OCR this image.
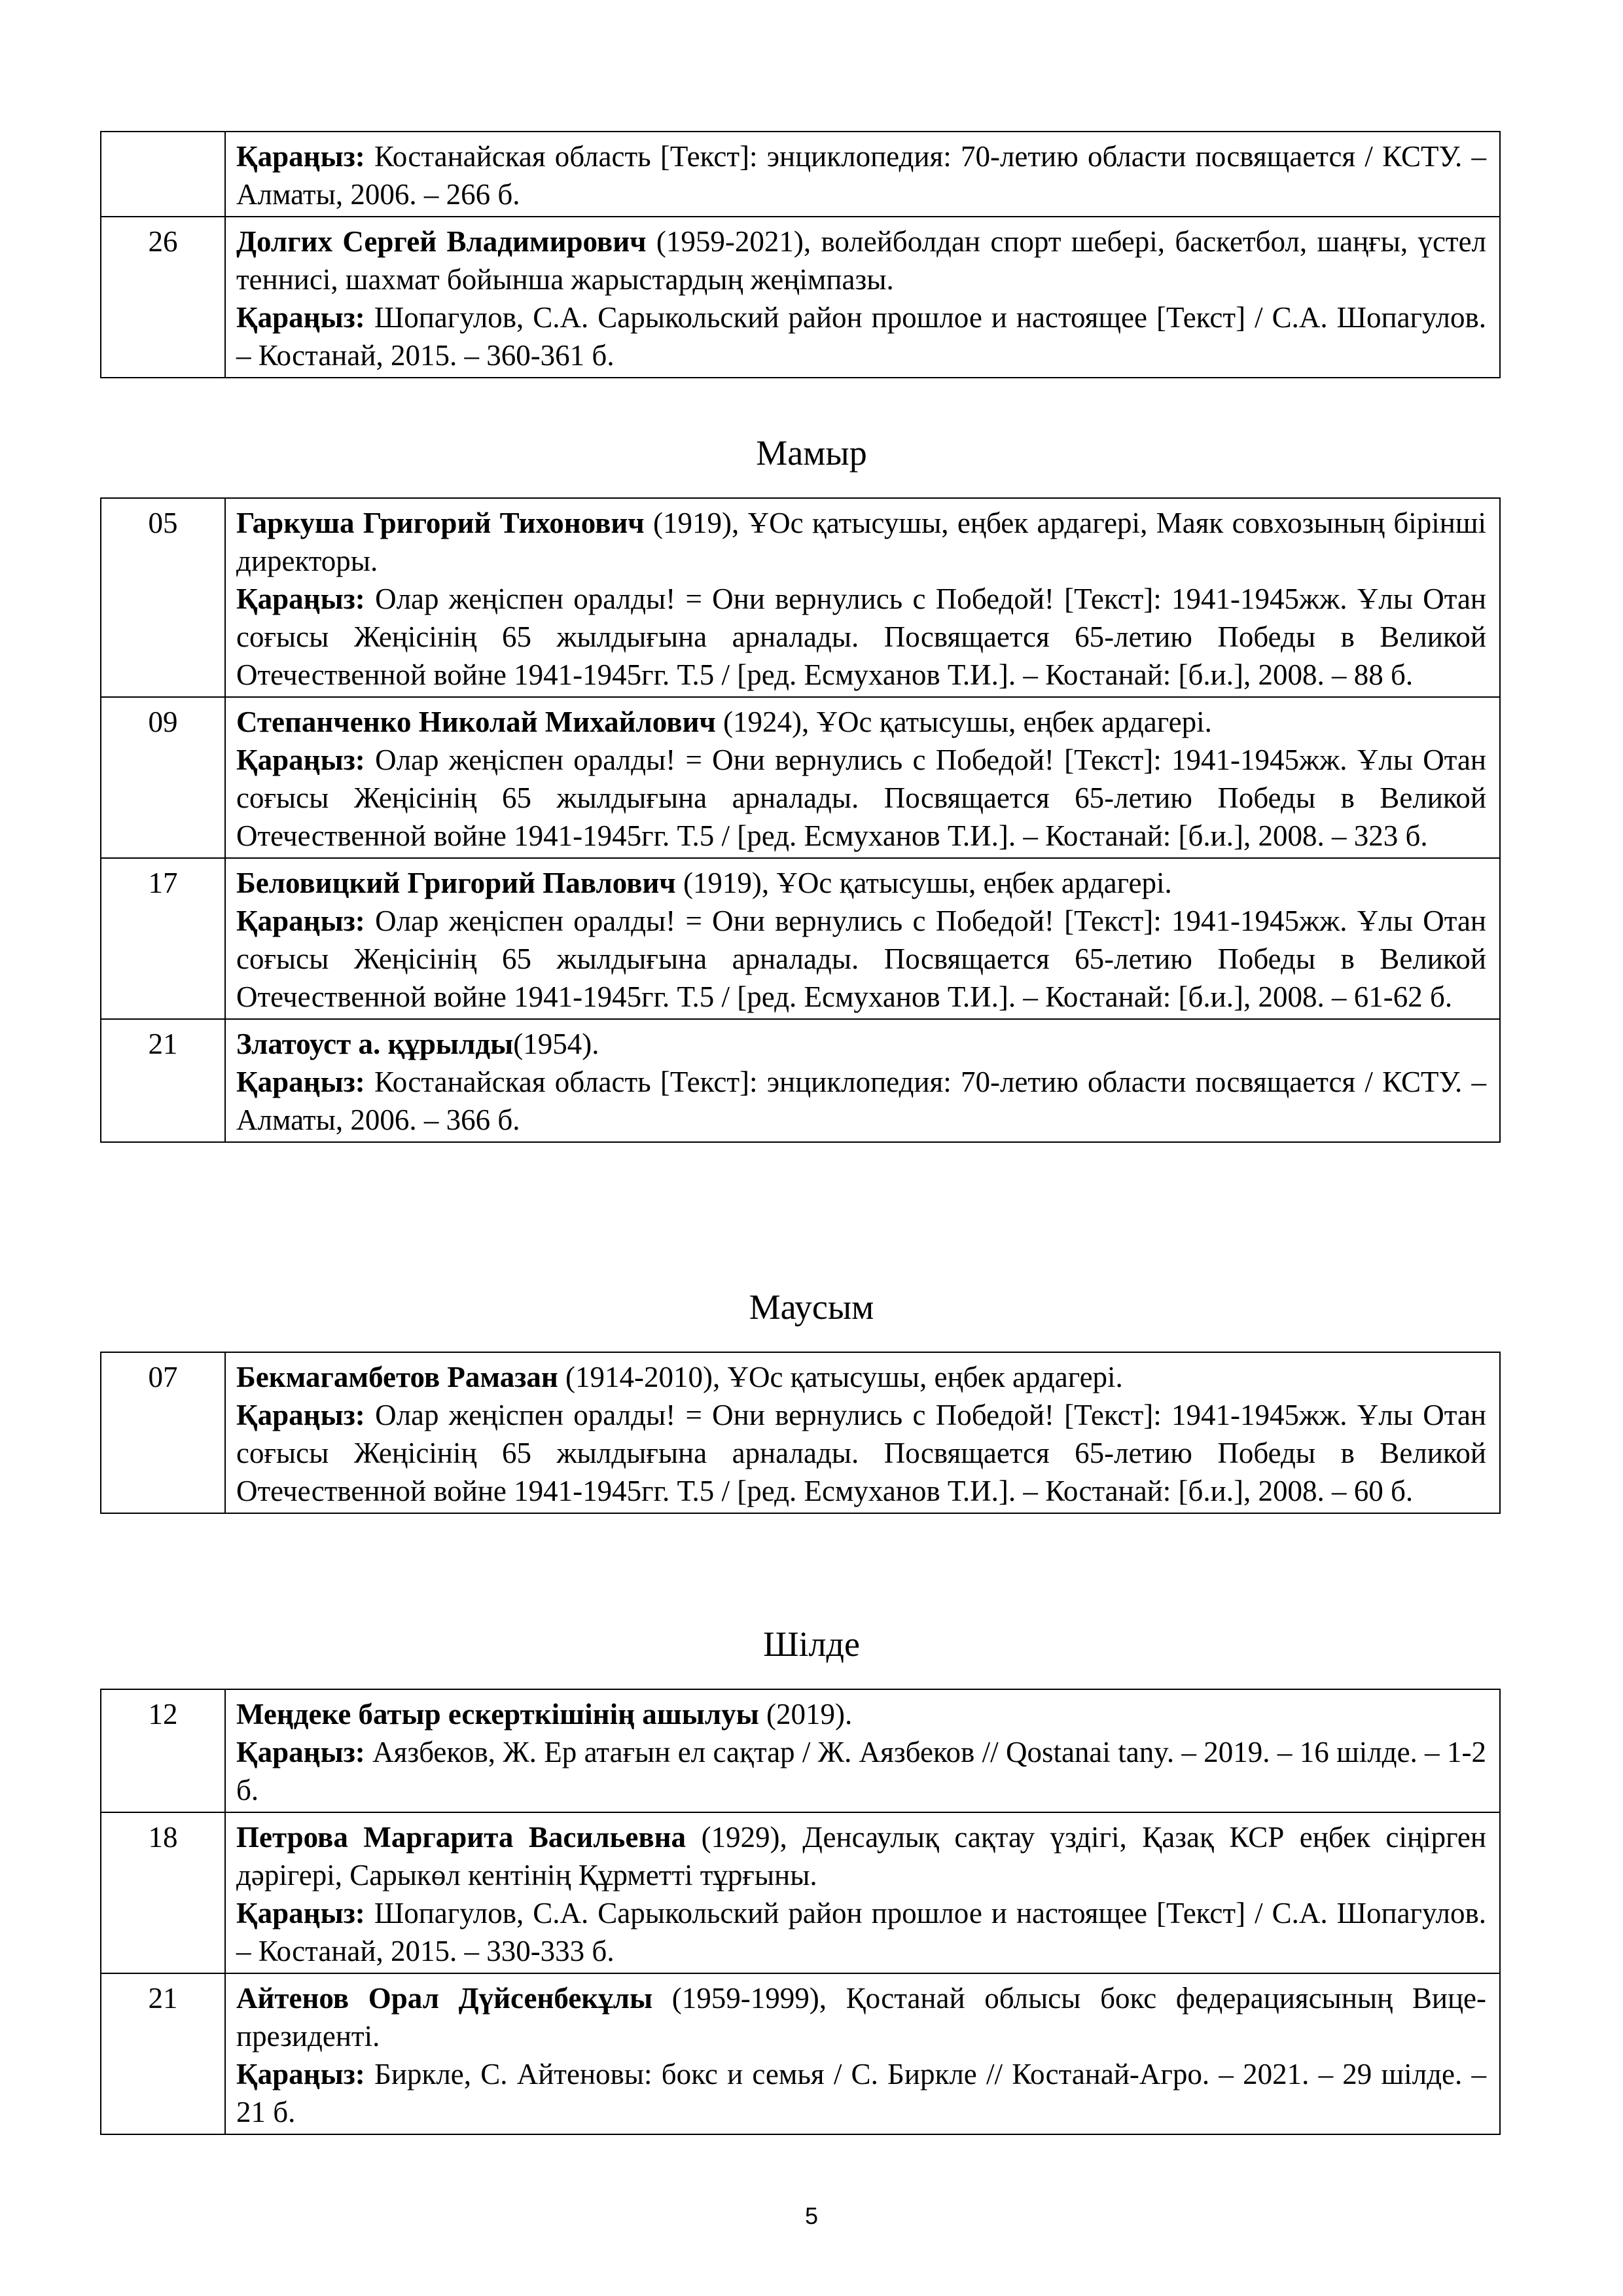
	Қараңыз: Костанайская область [Текст]: энциклопедия: 70-летию области посвящается / КСТУ. – Алматы, 2006. – 266 б.

26	Долгих Сергей Владимирович (1959-2021), волейболдан спорт шебері, баскетбол, шаңғы, үстел теннисі, шахмат бойынша жарыстардың жеңімпазы.

Қараңыз: Шопагулов, С.А. Сарыкольский район прошлое и настоящее [Текст] / С.А. Шопагулов. – Костанай, 2015. – 360-361 б.

Мамыр
05	Гаркуша Григорий Тихонович (1919), ҰОс қатысушы, еңбек ардагері, Маяк совхозының бірінші директоры.

Қараңыз: Олар жеңіспен оралды! = Они вернулись с Победой! [Текст]: 1941-1945жж. Ұлы Отан соғысы Жеңісінің 65 жылдығына арналады. Посвящается 65-летию Победы в Великой Отечественной войне 1941-1945гг. Т.5 / [ред. Есмуханов Т.И.]. – Костанай: [б.и.], 2008. – 88 б.

09	Степанченко Николай Михайлович (1924), ҰОс қатысушы, еңбек ардагері.

Қараңыз: Олар жеңіспен оралды! = Они вернулись с Победой! [Текст]: 1941-1945жж. Ұлы Отан соғысы Жеңісінің 65 жылдығына арналады. Посвящается 65-летию Победы в Великой Отечественной войне 1941-1945гг. Т.5 / [ред. Есмуханов Т.И.]. – Костанай: [б.и.], 2008. – 323 б.

17	Беловицкий Григорий Павлович (1919), ҰОс қатысушы, еңбек ардагері.

Қараңыз: Олар жеңіспен оралды! = Они вернулись с Победой! [Текст]: 1941-1945жж. Ұлы Отан соғысы Жеңісінің 65 жылдығына арналады. Посвящается 65-летию Победы в Великой Отечественной войне 1941-1945гг. Т.5 / [ред. Есмуханов Т.И.]. – Костанай: [б.и.], 2008. – 61-62 б.

21	Златоуст а. құрылды(1954).

Қараңыз: Костанайская область [Текст]: энциклопедия: 70-летию области посвящается / КСТУ. – Алматы, 2006. – 366 б.

Маусым
07	Бекмагамбетов Рамазан (1914-2010), ҰОс қатысушы, еңбек ардагері.

Қараңыз: Олар жеңіспен оралды! = Они вернулись с Победой! [Текст]: 1941-1945жж. Ұлы Отан соғысы Жеңісінің 65 жылдығына арналады. Посвящается 65-летию Победы в Великой Отечественной войне 1941-1945гг. Т.5 / [ред. Есмуханов Т.И.]. – Костанай: [б.и.], 2008. – 60 б.

Шілде
12	Меңдеке батыр ескерткішінің ашылуы (2019).

Қараңыз: Аязбеков, Ж. Ер атағын ел сақтар / Ж. Аязбеков // Qostanai tany. – 2019. – 16 шілде. – 1-2 б.

18	Петрова Маргарита Васильевна (1929), Денсаулық сақтау үздігі, Қазақ КСР еңбек сіңірген дәрігері, Сарыкөл кентінің Құрметті тұрғыны.

Қараңыз: Шопагулов, С.А. Сарыкольский район прошлое и настоящее [Текст] / С.А. Шопагулов. – Костанай, 2015. – 330-333 б.

21	Айтенов Орал Дүйсенбекұлы (1959-1999), Қостанай облысы бокс федерациясының Вице-президенті.

Қараңыз: Биркле, С. Айтеновы: бокс и семья / С. Биркле // Костанай-Агро. – 2021. – 29 шілде. – 21 б.

5
